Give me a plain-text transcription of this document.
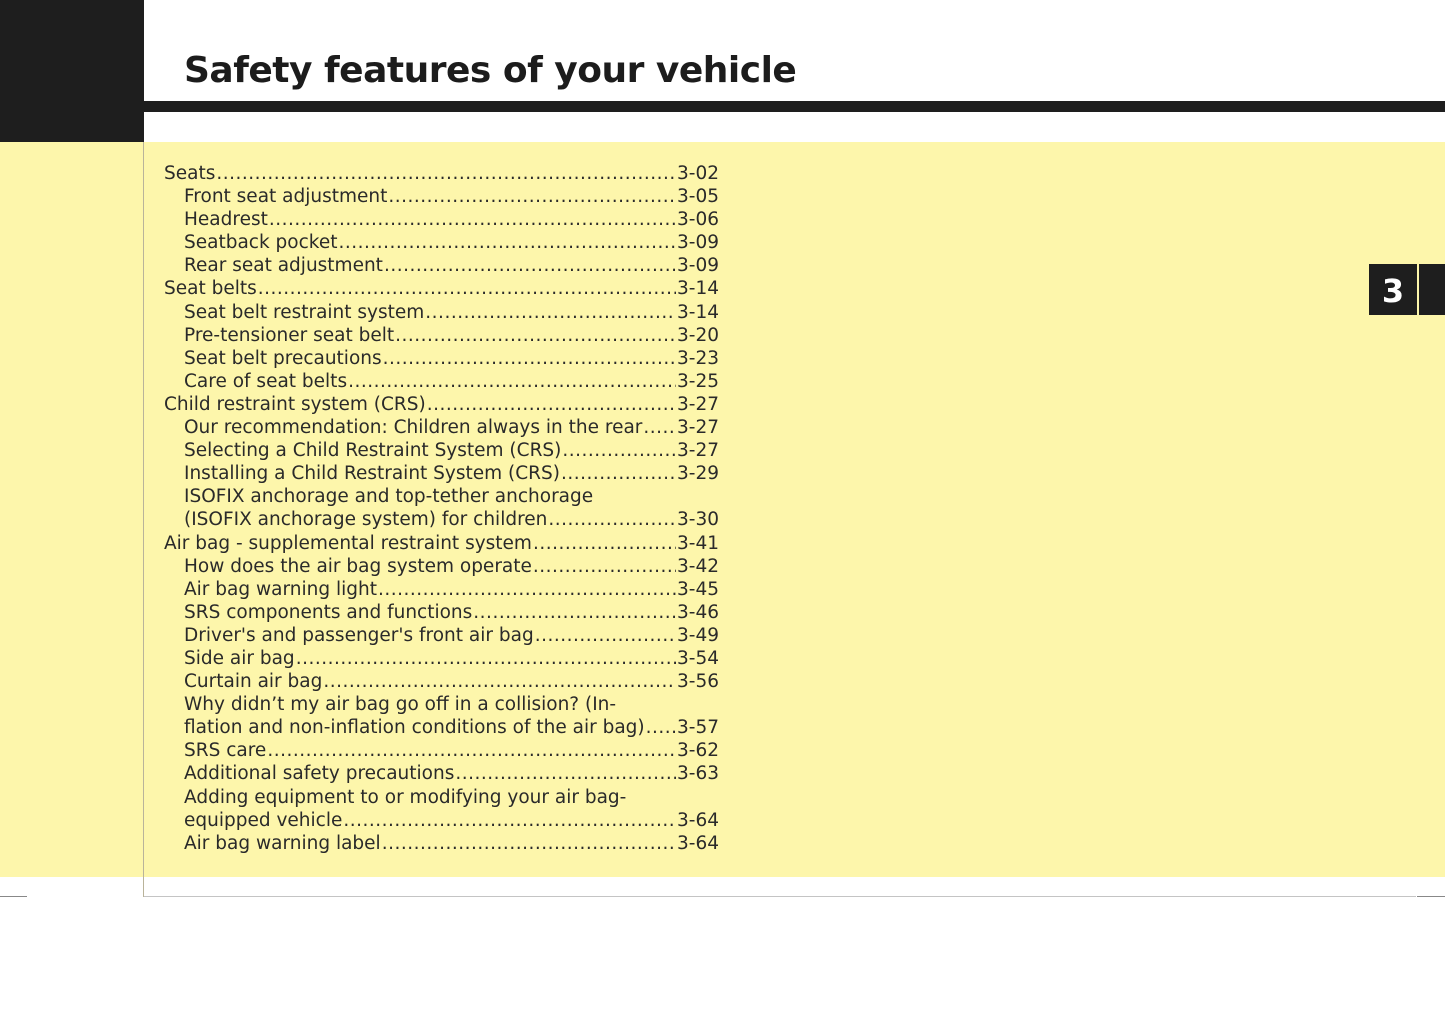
Safety features of your vehicle
3
Seats .....	3-02
Front seat adjustment .....	3-05
Headrest .....	3-06
Seatback pocket .....	3-09
Rear seat adjustment .....	3-09
Seat belts .....	3-14
Seat belt restraint system .....	3-14
Pre-tensioner seat belt .....	3-20
Seat belt precautions .....	3-23
Care of seat belts .....	3-25
Child restraint system (CRS) .....	3-27
Our recommendation: Children always in the rear ..... 3-27
Selecting a Child Restraint System (CRS) .....	3-27
Installing a Child Restraint System (CRS) .....	3-29
ISOFIX anchorage and top-tether anchorage
(ISOFIX anchorage system) for children .....	3-30
Air bag - supplemental restraint system .....	3-41
How does the air bag system operate .....	3-42
Air bag warning light .....	3-45
SRS components and functions .....	3-46
Driver's and passenger's front air bag .....	3-49
Side air bag .....	3-54
Curtain air bag .....	3-56
Why didn’t my air bag go off in a collision? (In-
flation and non-inflation conditions of the air bag) ..... 3-57
SRS care .....	3-62
Additional safety precautions .....	3-63
Adding equipment to or modifying your air bag-
equipped vehicle .....	3-64
Air bag warning label .....	3-64
